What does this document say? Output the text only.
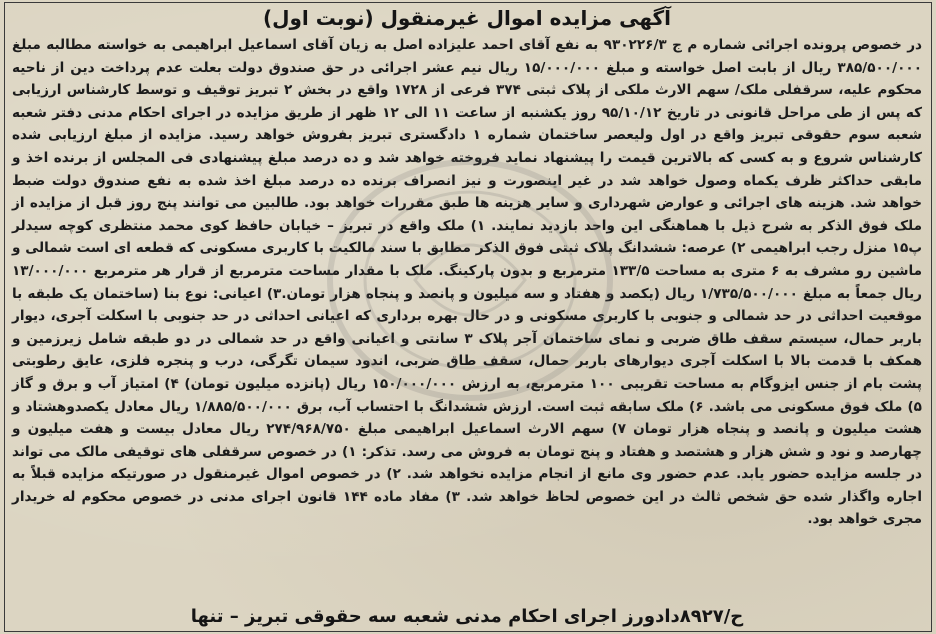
آگهی مزایده اموال غیرمنقول (نوبت اول)

در خصوص پرونده اجرائی شماره م ج ۹۳۰۲۲۶/۳ به نفع آقای احمد علیزاده اصل به زیان آقای اسماعیل ابراهیمی به خواسته مطالبه مبلغ ۳۸۵/۵۰۰/۰۰۰ ریال از بابت اصل خواسته و مبلغ ۱۵/۰۰۰/۰۰۰ ریال نیم عشر اجرائی در حق صندوق دولت بعلت عدم پرداخت دین از ناحیه محکوم علیه، سرقفلی ملک/ سهم الارث ملکی از پلاک ثبتی ۳۷۴ فرعی از ۱۷۲۸ واقع در بخش ۲ تبریز توقیف و توسط کارشناس ارزیابی که پس از طی مراحل قانونی در تاریخ ۹۵/۱۰/۱۲ روز یکشنبه از ساعت ۱۱ الی ۱۲ ظهر از طریق مزایده در اجرای احکام مدنی دفتر شعبه شعبه سوم حقوقی تبریز واقع در اول ولیعصر ساختمان شماره ۱ دادگستری تبریز بفروش خواهد رسید. مزایده از مبلغ ارزیابی شده کارشناس شروع و به کسی که بالاترین قیمت را پیشنهاد نماید فروخته خواهد شد و ده درصد مبلغ پیشنهادی فی المجلس از برنده اخذ و مابقی حداکثر ظرف یکماه وصول خواهد شد در غیر اینصورت و نیز انصراف برنده ده درصد مبلغ اخذ شده به نفع صندوق دولت ضبط خواهد شد. هزینه های اجرائی و عوارض شهرداری و سایر هزینه ها طبق مقررات خواهد بود. طالبین می توانند پنج روز قبل از مزایده از ملک فوق الذکر به شرح ذیل با هماهنگی این واحد بازدید نمایند. ۱) ملک واقع در تبریز – خیابان حافظ کوی محمد منتظری کوچه سیدلر پ۱۵ منزل رجب ابراهیمی ۲) عرصه: ششدانگ پلاک ثبتی فوق الذکر مطابق با سند مالکیت با کاربری مسکونی که قطعه ای است شمالی و ماشین رو مشرف به ۶ متری به مساحت ۱۳۳/۵ مترمربع و بدون پارکینگ. ملک با مقدار مساحت مترمربع از قرار هر مترمربع ۱۳/۰۰۰/۰۰۰ ریال جمعاً به مبلغ ۱/۷۳۵/۵۰۰/۰۰۰ ریال (یکصد و هفتاد و سه میلیون و پانصد و پنجاه هزار تومان.۳) اعیانی: نوع بنا (ساختمان یک طبقه با موقعیت احداثی در حد شمالی و جنوبی با کاربری مسکونی و در حال بهره برداری که اعیانی احداثی در حد جنوبی با اسکلت آجری، دیوار باربر حمال، سیستم سقف طاق ضربی و نمای ساختمان آجر پلاک ۳ سانتی و اعیانی واقع در حد شمالی در دو طبقه شامل زیرزمین و همکف با قدمت بالا با اسکلت آجری دیوارهای باربر حمال، سقف طاق ضربی، اندود سیمان تگرگی، درب و پنجره فلزی، عایق رطوبتی پشت بام از جنس ایزوگام به مساحت تقریبی ۱۰۰ مترمربع، به ارزش ۱۵۰/۰۰۰/۰۰۰ ریال (پانزده میلیون تومان) ۴) امتیاز آب و برق و گاز ۵) ملک فوق مسکونی می باشد. ۶) ملک سابقه ثبت است. ارزش ششدانگ با احتساب آب، برق ۱/۸۸۵/۵۰۰/۰۰۰ ریال معادل یکصدوهشتاد و هشت میلیون و پانصد و پنجاه هزار تومان ۷) سهم الارث اسماعیل ابراهیمی مبلغ ۲۷۴/۹۶۸/۷۵۰ ریال معادل بیست و هفت میلیون و چهارصد و نود و شش هزار و هشتصد و هفتاد و پنج تومان به فروش می رسد. تذکر: ۱) در خصوص سرقفلی های توقیفی مالک می تواند در جلسه مزایده حضور یابد. عدم حضور وی مانع از انجام مزایده نخواهد شد. ۲) در خصوص اموال غیرمنقول در صورتیکه مزایده قبلاً به اجاره واگذار شده حق شخص ثالث در این خصوص لحاظ خواهد شد. ۳) مفاد ماده ۱۴۴ قانون اجرای مدنی در خصوص محکوم له خریدار مجری خواهد بود.

ح/۸۹۲۷دادورز اجرای احکام مدنی شعبه سه حقوقی تبریز – تنها
